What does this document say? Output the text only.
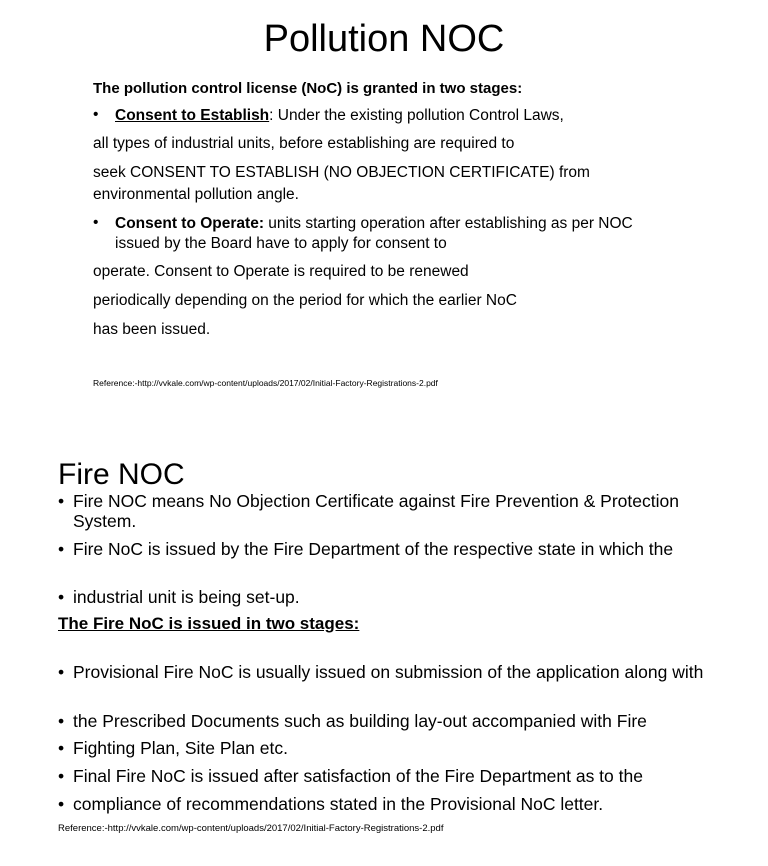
Pollution NOC

The pollution control license (NoC) is granted in two stages:

• Consent to Establish: Under the existing pollution Control Laws,

all types of industrial units, before establishing are required to

seek CONSENT TO ESTABLISH (NO OBJECTION CERTIFICATE) from

environmental pollution angle.

• Consent to Operate: units starting operation after establishing as per NOC issued by the Board have to apply for consent to

operate. Consent to Operate is required to be renewed

periodically depending on the period for which the earlier NoC

has been issued.

Reference:-http://vvkale.com/wp-content/uploads/2017/02/Initial-Factory-Registrations-2.pdf

Fire NOC
• Fire NOC means No Objection Certificate against Fire Prevention & Protection System.
• Fire NoC is issued by the Fire Department of the respective state in which the
• industrial unit is being set-up.

The Fire NoC is issued in two stages:

• Provisional Fire NoC is usually issued on submission of the application along with
• the Prescribed Documents such as building lay-out accompanied with Fire
• Fighting Plan, Site Plan etc.
• Final Fire NoC is issued after satisfaction of the Fire Department as to the
• compliance of recommendations stated in the Provisional NoC letter.

Reference:-http://vvkale.com/wp-content/uploads/2017/02/Initial-Factory-Registrations-2.pdf
